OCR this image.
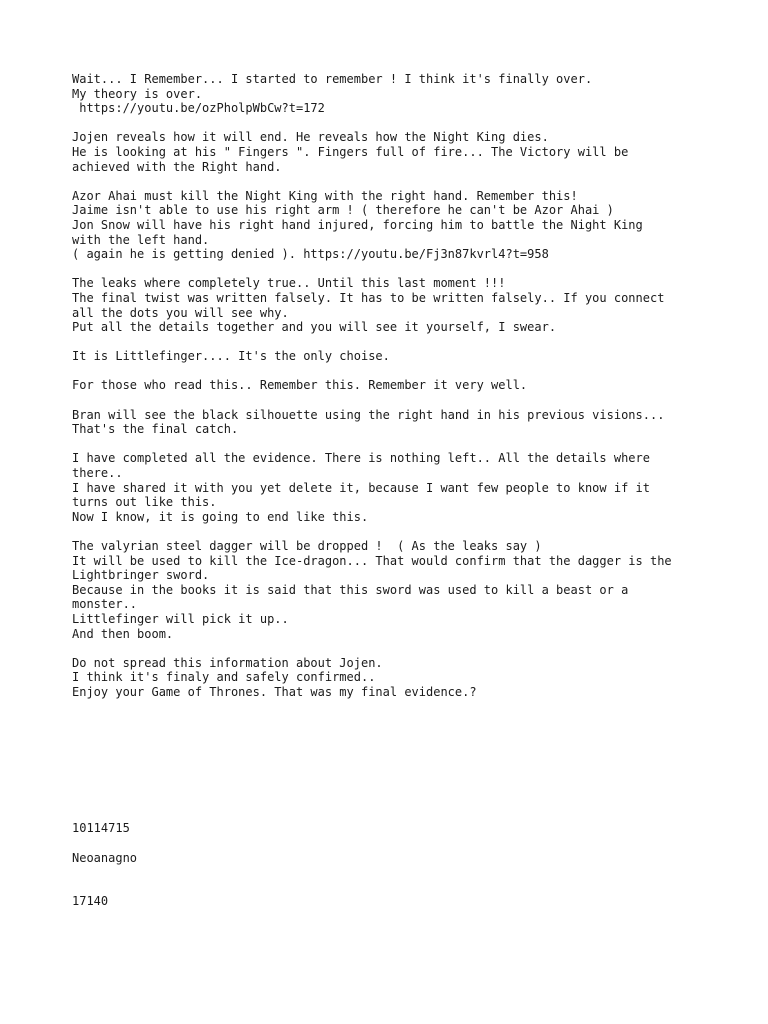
Wait... I Remember... I started to remember ! I think it's finally over.
My theory is over.
https://youtu.be/ozPholpWbCw?t=172
Jojen reveals how it will end. He reveals how the Night King dies.
He is looking at his " Fingers ". Fingers full of fire... The Victory will be
achieved with the Right hand.
Azor Ahai must kill the Night King with the right hand. Remember this!
Jaime isn't able to use his right arm ! ( therefore he can't be Azor Ahai )
Jon Snow will have his right hand injured, forcing him to battle the Night King
with the left hand.
( again he is getting denied ). https://youtu.be/Fj3n87kvrl4?t=958
The leaks where completely true.. Until this last moment !!!
The final twist was written falsely. It has to be written falsely.. If you connect
all the dots you will see why.
Put all the details together and you will see it yourself, I swear.
It is Littlefinger.... It's the only choise.
For those who read this.. Remember this. Remember it very well.
Bran will see the black silhouette using the right hand in his previous visions...
That's the final catch.
I have completed all the evidence. There is nothing left.. All the details where
there..
I have shared it with you yet delete it, because I want few people to know if it
turns out like this.
Now I know, it is going to end like this.
The valyrian steel dagger will be dropped !  ( As the leaks say )
It will be used to kill the Ice-dragon... That would confirm that the dagger is the
Lightbringer sword.
Because in the books it is said that this sword was used to kill a beast or a
monster..
Littlefinger will pick it up..
And then boom.
Do not spread this information about Jojen.
I think it's finaly and safely confirmed..
Enjoy your Game of Thrones. That was my final evidence.?
10114715
Neoanagno
17140
